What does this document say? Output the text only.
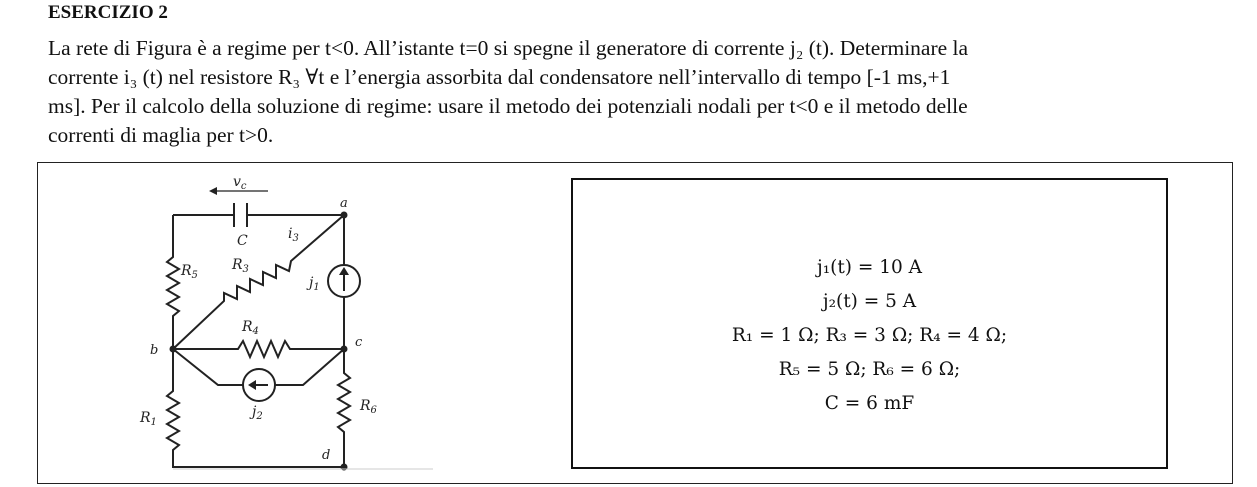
ESERCIZIO 2
La rete di Figura è a regime per t<0. All’istante t=0 si spegne il generatore di corrente j₂ (t). Determinare la
corrente i₃ (t) nel resistore R₃ ∀t e l’energia assorbita dal condensatore nell’intervallo di tempo [-1 ms,+1
ms]. Per il calcolo della soluzione di regime: usare il metodo dei potenziali nodali per t<0 e il metodo delle
correnti di maglia per t>0.
$v_c$
a
C	$i_3$
$R_5$
$R_3$
$j_1$
$R_4$
b
c
$j_2$
$R_1$
$R_6$
d
j₁(t) = 10 A
j₂(t) = 5 A
R₁ = 1 Ω; R₃ = 3 Ω; R₄ = 4 Ω;
R₅ = 5 Ω; R₆ = 6 Ω;
C = 6 mF
